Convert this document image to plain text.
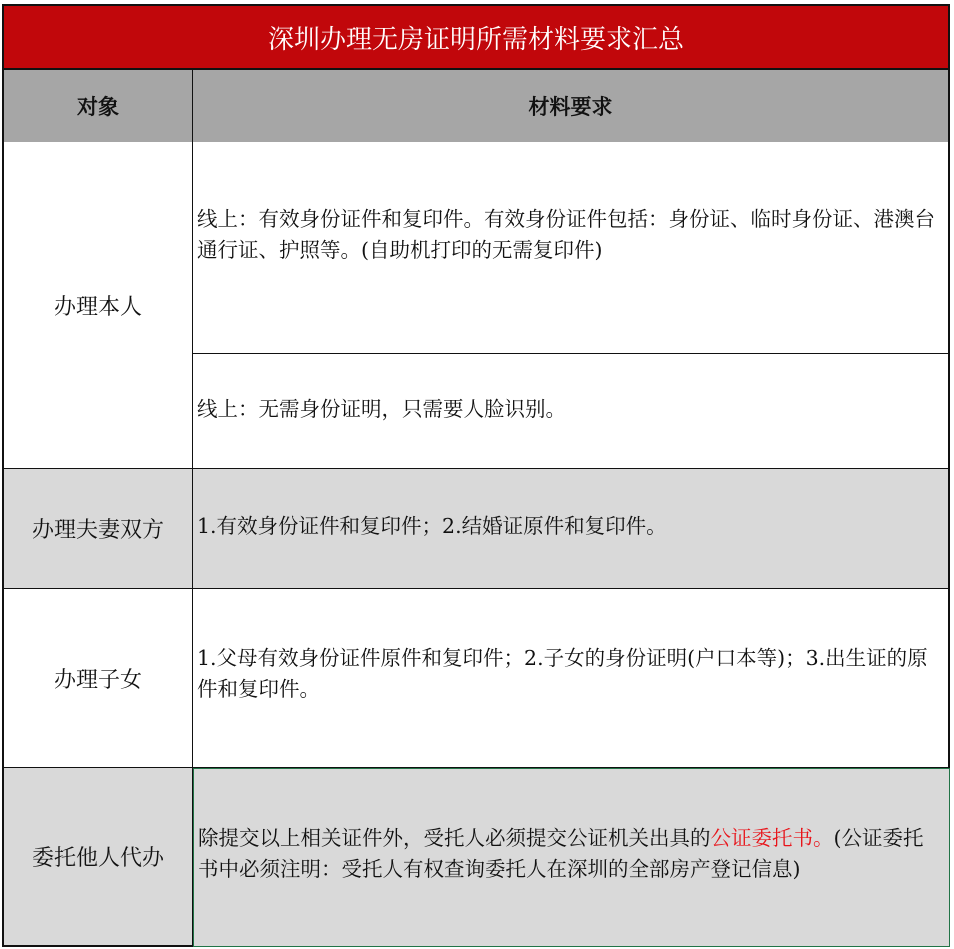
深圳办理无房证明所需材料要求汇总
对象	材料要求
办理本人
线上：有效身份证件和复印件。有效身份证件包括：身份证、临时身份证、港澳台通行证、护照等。(自助机打印的无需复印件)
线上：无需身份证明，只需要人脸识别。
办理夫妻双方	1.有效身份证件和复印件；2.结婚证原件和复印件。
办理子女
1.父母有效身份证件原件和复印件；2.子女的身份证明(户口本等)；3.出生证的原件和复印件。
委托他人代办
除提交以上相关证件外，受托人必须提交公证机关出具的公证委托书。(公证委托书中必须注明：受托人有权查询委托人在深圳的全部房产登记信息)
